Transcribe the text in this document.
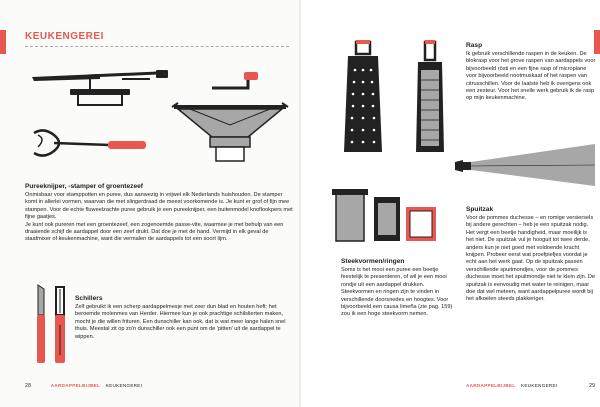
KEUKENGEREI
Pureeknijper, -stamper of groentezeef

Onmisbaar voor stamppotten en puree, dus aanwezig in vrijwel elk Nederlands huishouden. De stamper komt in allerlei vormen, waarvan die met slingerdraad de meest voorkomende is. Je kunt er grof of fijn mee stampen. Voor de echte fluweelzachte puree gebruik je een pureeknijper, een buitenmodel knoflookpers met fijne gaatjes.
Je kunt ook pureren met een groentezeef, een zogenoemde passe-vite, waarmee je met behulp van een draaiende schijf de aardappel door een zeef drukt. Dat doe je met de hand. Vermijd in elk geval de staafmixer of keukenmachine, want die vermalen de aardappels tot een soort lijm.

Schillers

Zelf gebruikt ik een scherp aardappelmesje met zeer dun blad en houten heft: het beroemde molenmes van Herder. Hiermee kun je ook prachtige schilslierten maken, mocht je die willen frituren. Een dunschiller kan ook, dat is wat meer lange halen snel thuis. Meestal zit op zo'n dunschiller ook een punt om de 'pitten' uit de aardappel te wippen.

28	AARDAPPELBIJBEL KEUKENGEREI
Rasp

Ik gebruik verschillende raspen in de keuken. De blokrasp voor het grove raspen van aardappels voor bijvoorbeeld rösti en een fijne rasp of microplane voor bijvoorbeeld nootmuskaat of het raspen van citrusschillen. Voor de laatste heb ik overigens ook een zesteur. Voor het snelle werk gebruik ik de rasp op mijn keukenmachine.

Spuitzak

Voor de pommes duchesse – en romige versiersels bij andere gerechten – heb je een spuitzak nodig. Het vergt een beetje handigheid, maar moeilijk is het niet. De spuitzak vul je hooguit tot twee derde, anders kun je niet goed met voldoende kracht knijpen. Probeer eerst wat proefpiefjes voordat je echt aan het werk gaat. Op de spuitzak passen verschillende spuitmondjes, voor de pommes duchesse moet het spuitmondje niet te klein zijn. De spuitzak is eenvoudig met water te reinigen, maar doe dat wel meteen, want aardappelpuree wordt bij het afkoelen steeds plakkeriger.

Steekvormen/ringen

Soms is het mooi een puree een beetje feestelijk te presenteren, of wil je een mooi rondje uit een aardappel drukken. Steekvormen en ringen zijn te vinden in verschillende doorsnedes en hoogtes. Voor bijvoorbeeld een causa limeña (zie pag. 159) zou ik een hoge steekvorm nemen.

AARDAPPELBIJBEL KEUKENGEREI	29
